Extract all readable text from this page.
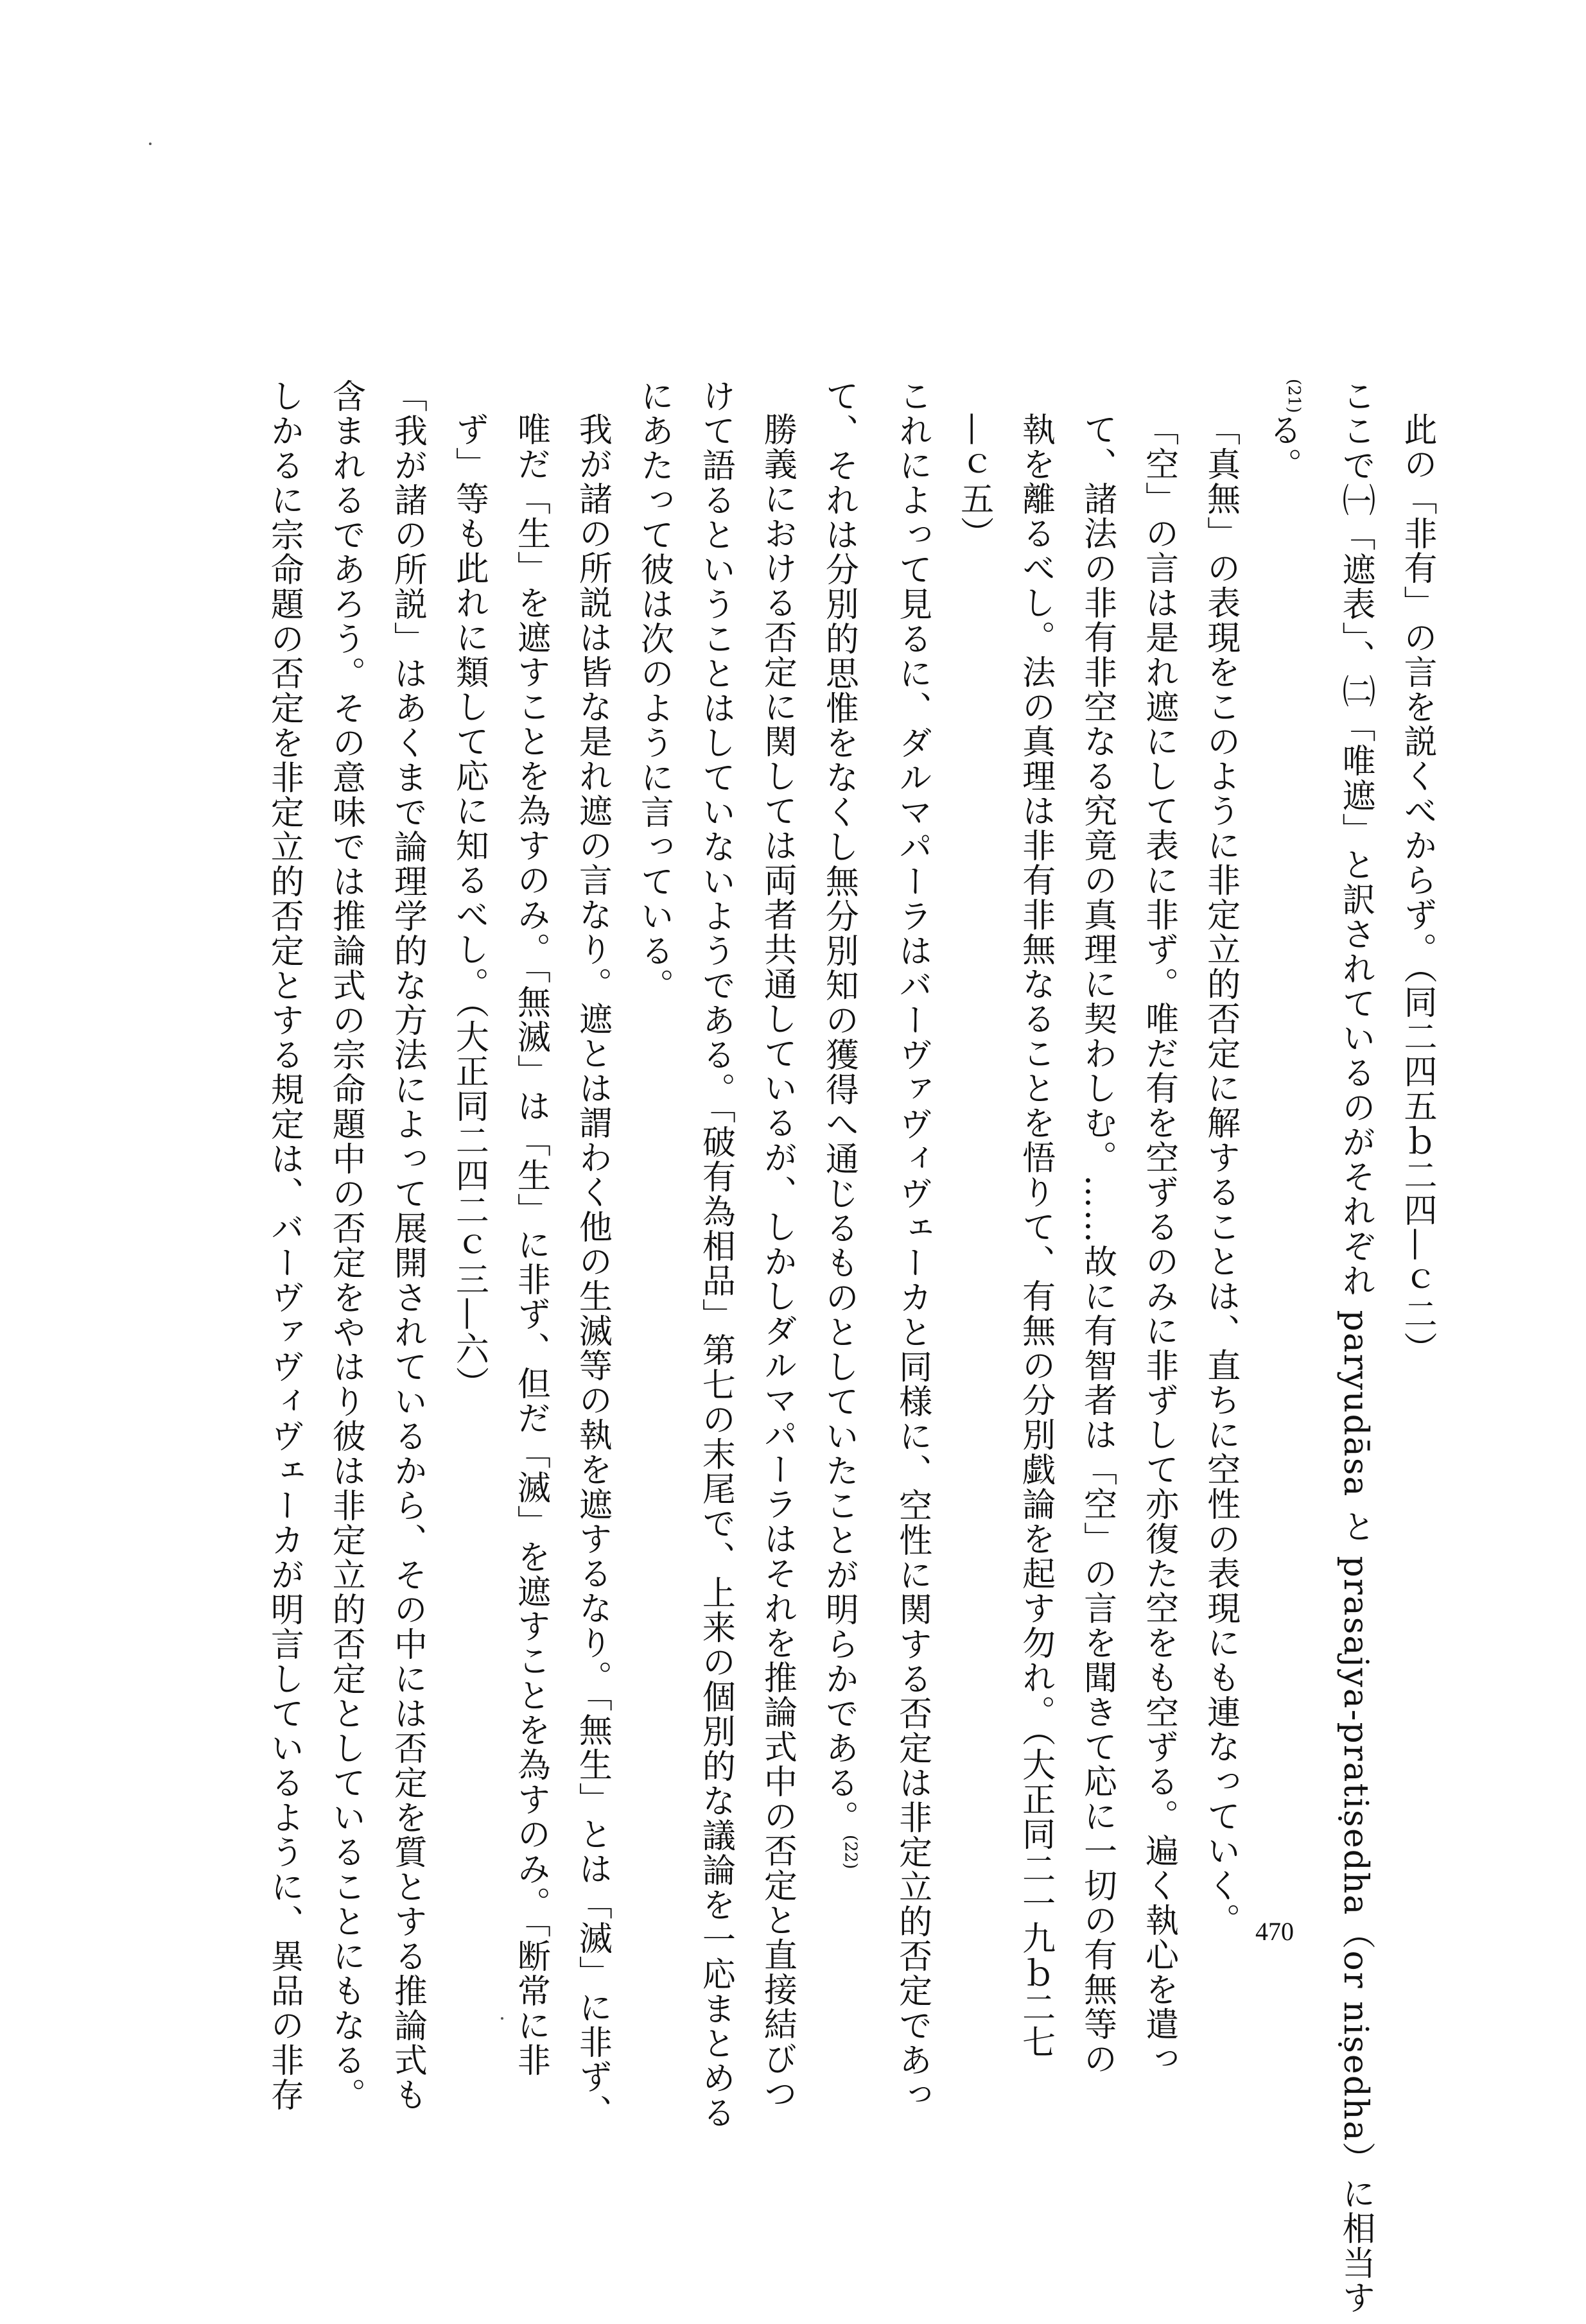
此の「非有」の言を説くべからず。（同二四五ｂ二四—ｃ二）
ここで㈠「遮表」、㈡「唯遮」と訳されているのがそれぞれ paryudāsa と prasajya-pratiṣedha（or niṣedha）に相当す
$^{(21)}$る。
「真無」の表現をこのように非定立的否定に解することは、直ちに空性の表現にも連なっていく。
「空」の言は是れ遮にして表に非ず。唯だ有を空ずるのみに非ずして亦復た空をも空ずる。遍く執心を遣っ
て、諸法の非有非空なる究竟の真理に契わしむ。……故に有智者は「空」の言を聞きて応に一切の有無等の
執を離るべし。法の真理は非有非無なることを悟りて、有無の分別戯論を起す勿れ。（大正同二一九ｂ二七
—ｃ五）
これによって見るに、ダルマパーラはバーヴァヴィヴェーカと同様に、空性に関する否定は非定立的否定であっ
て、それは分別的思惟をなくし無分別知の獲得へ通じるものとしていたことが明らかである。$^{(22)}$
勝義における否定に関しては両者共通しているが、しかしダルマパーラはそれを推論式中の否定と直接結びつ
けて語るということはしていないようである。「破有為相品」第七の末尾で、上来の個別的な議論を一応まとめる
にあたって彼は次のように言っている。
我が諸の所説は皆な是れ遮の言なり。遮とは謂わく他の生滅等の執を遮するなり。「無生」とは「滅」に非ず、
唯だ「生」を遮すことを為すのみ。「無滅」は「生」に非ず、但だ「滅」を遮すことを為すのみ。「断常に非
ず」等も此れに類して応に知るべし。（大正同二四二ｃ三—六）
「我が諸の所説」はあくまで論理学的な方法によって展開されているから、その中には否定を質とする推論式も
含まれるであろう。その意味では推論式の宗命題中の否定をやはり彼は非定立的否定としていることにもなる。
しかるに宗命題の否定を非定立的否定とする規定は、バーヴァヴィヴェーカが明言しているように、異品の非存	470
